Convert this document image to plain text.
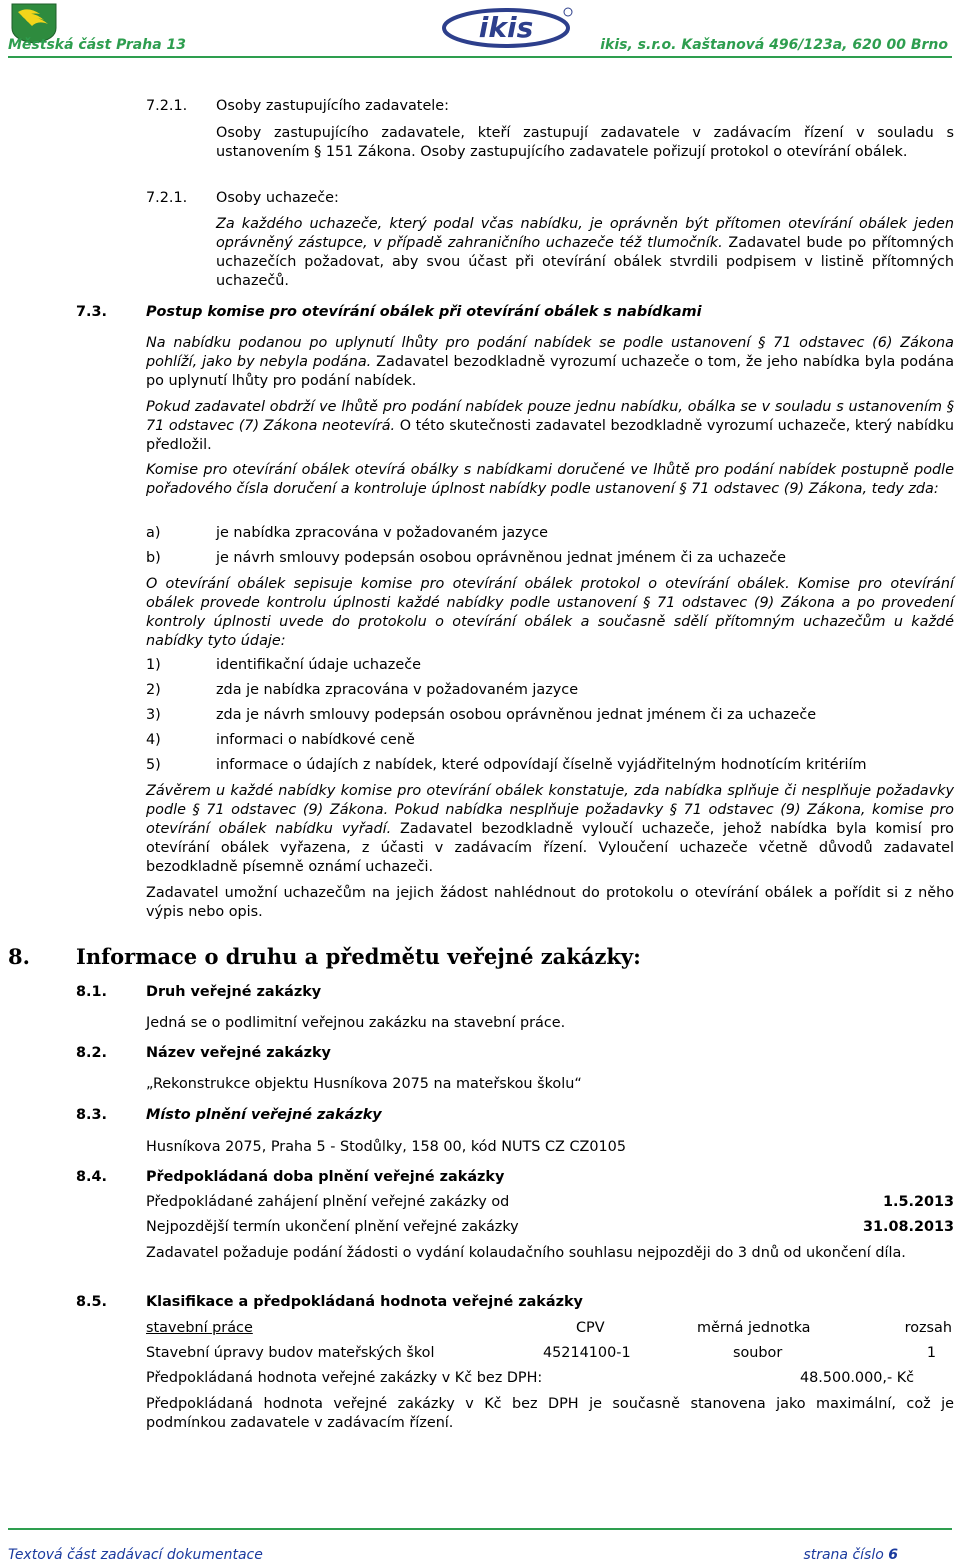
Městská část Praha 13
ikis
ikis, s.r.o. Kaštanová 496/123a, 620 00 Brno
7.2.1. Osoby zastupujícího zadavatele:

Osoby zastupujícího zadavatele, kteří zastupují zadavatele v zadávacím řízení v souladu s ustanovením § 151 Zákona. Osoby zastupujícího zadavatele pořizují protokol o otevírání obálek.

7.2.1. Osoby uchazeče:

Za každého uchazeče, který podal včas nabídku, je oprávněn být přítomen otevírání obálek jeden oprávněný zástupce, v případě zahraničního uchazeče též tlumočník. Zadavatel bude po přítomných uchazečích požadovat, aby svou účast při otevírání obálek stvrdili podpisem v listině přítomných uchazečů.

7.3.	Postup komise pro otevírání obálek při otevírání obálek s nabídkami

Na nabídku podanou po uplynutí lhůty pro podání nabídek se podle ustanovení § 71 odstavec (6) Zákona pohlíží, jako by nebyla podána. Zadavatel bezodkladně vyrozumí uchazeče o tom, že jeho nabídka byla podána po uplynutí lhůty pro podání nabídek.

Pokud zadavatel obdrží ve lhůtě pro podání nabídek pouze jednu nabídku, obálka se v souladu s ustanovením § 71 odstavec (7) Zákona neotevírá. O této skutečnosti zadavatel bezodkladně vyrozumí uchazeče, který nabídku předložil.

Komise pro otevírání obálek otevírá obálky s nabídkami doručené ve lhůtě pro podání nabídek postupně podle pořadového čísla doručení a kontroluje úplnost nabídky podle ustanovení § 71 odstavec (9) Zákona, tedy zda:

a)	je nabídka zpracována v požadovaném jazyce
b)	je návrh smlouvy podepsán osobou oprávněnou jednat jménem či za uchazeče

O otevírání obálek sepisuje komise pro otevírání obálek protokol o otevírání obálek. Komise pro otevírání obálek provede kontrolu úplnosti každé nabídky podle ustanovení § 71 odstavec (9) Zákona a po provedení kontroly úplnosti uvede do protokolu o otevírání obálek a současně sdělí přítomným uchazečům u každé nabídky tyto údaje:

1)	identifikační údaje uchazeče
2)	zda je nabídka zpracována v požadovaném jazyce
3)	zda je návrh smlouvy podepsán osobou oprávněnou jednat jménem či za uchazeče
4)	informaci o nabídkové ceně
5)	informace o údajích z nabídek, které odpovídají číselně vyjádřitelným hodnotícím kritériím

Závěrem u každé nabídky komise pro otevírání obálek konstatuje, zda nabídka splňuje či nesplňuje požadavky podle § 71 odstavec (9) Zákona. Pokud nabídka nesplňuje požadavky § 71 odstavec (9) Zákona, komise pro otevírání obálek nabídku vyřadí. Zadavatel bezodkladně vyloučí uchazeče, jehož nabídka byla komisí pro otevírání obálek vyřazena, z účasti v zadávacím řízení. Vyloučení uchazeče včetně důvodů zadavatel bezodkladně písemně oznámí uchazeči.

Zadavatel umožní uchazečům na jejich žádost nahlédnout do protokolu o otevírání obálek a pořídit si z něho výpis nebo opis.

8. Informace o druhu a předmětu veřejné zakázky:
8.1.	Druh veřejné zakázky
Jedná se o podlimitní veřejnou zakázku na stavební práce.
8.2.	Název veřejné zakázky
„Rekonstrukce objektu Husníkova 2075 na mateřskou školu“
8.3.	Místo plnění veřejné zakázky
Husníkova 2075, Praha 5 - Stodůlky, 158 00, kód NUTS CZ CZ0105
8.4.	Předpokládaná doba plnění veřejné zakázky
Předpokládané zahájení plnění veřejné zakázky od	1.5.2013
Nejpozdější termín ukončení plnění veřejné zakázky	31.08.2013

Zadavatel požaduje podání žádosti o vydání kolaudačního souhlasu nejpozději do 3 dnů od ukončení díla.

8.5.	Klasifikace a předpokládaná hodnota veřejné zakázky
stavební práce	CPV	měrná jednotka	rozsah
Stavební úpravy budov mateřských škol	45214100-1	soubor	1
Předpokládaná hodnota veřejné zakázky v Kč bez DPH:	48.500.000,- Kč

Předpokládaná hodnota veřejné zakázky v Kč bez DPH je současně stanovena jako maximální, což je podmínkou zadavatele v zadávacím řízení.

Textová část zadávací dokumentace	strana číslo 6
